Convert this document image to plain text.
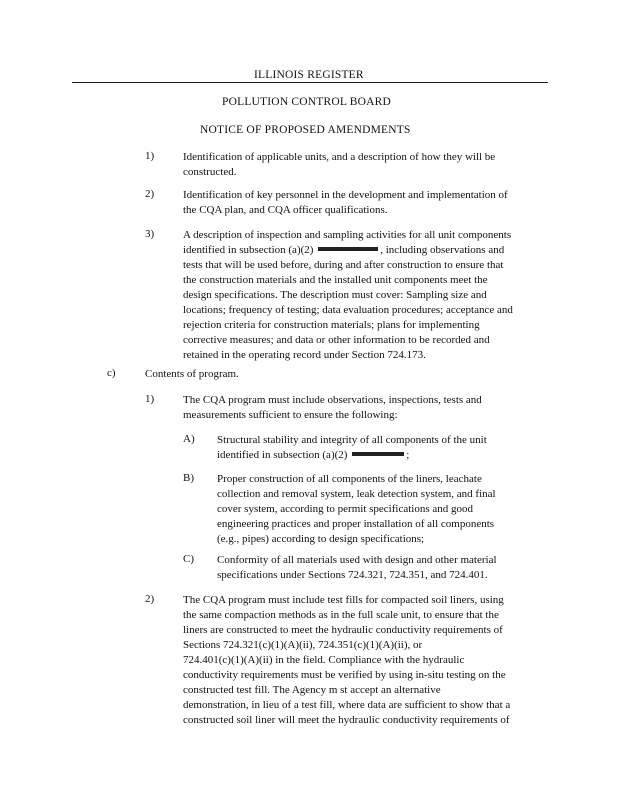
ILLINOIS REGISTER
POLLUTION CONTROL BOARD
NOTICE OF PROPOSED AMENDMENTS
1)	Identification of applicable units, and a description of how they will be
constructed.
2)	Identification of key personnel in the development and implementation of
the CQA plan, and CQA officer qualifications.
3)	A description of inspection and sampling activities for all unit components
identified in subsection (a)(2)	, including observations and
tests that will be used before, during and after construction to ensure that
the construction materials and the installed unit components meet the
design specifications. The description must cover: Sampling size and
locations; frequency of testing; data evaluation procedures; acceptance and
rejection criteria for construction materials; plans for implementing
corrective measures; and data or other information to be recorded and
retained in the operating record under Section 724.173.
c)	Contents of program.
1)	The CQA program must include observations, inspections, tests and
measurements sufficient to ensure the following:
A) Structural stability and integrity of all components of the unit
identified in subsection (a)(2)	;
B) Proper construction of all components of the liners, leachate
collection and removal system, leak detection system, and final
cover system, according to permit specifications and good
engineering practices and proper installation of all components
(e.g., pipes) according to design specifications;
C) Conformity of all materials used with design and other material
specifications under Sections 724.321, 724.351, and 724.401.
2)	The CQA program must include test fills for compacted soil liners, using
the same compaction methods as in the full scale unit, to ensure that the
liners are constructed to meet the hydraulic conductivity requirements of
Sections 724.321(c)(1)(A)(ii), 724.351(c)(1)(A)(ii), or
724.401(c)(1)(A)(ii) in the field. Compliance with the hydraulic
conductivity requirements must be verified by using in-situ testing on the
constructed test fill. The Agency m st accept an alternative
demonstration, in lieu of a test fill, where data are sufficient to show that a
constructed soil liner will meet the hydraulic conductivity requirements of
